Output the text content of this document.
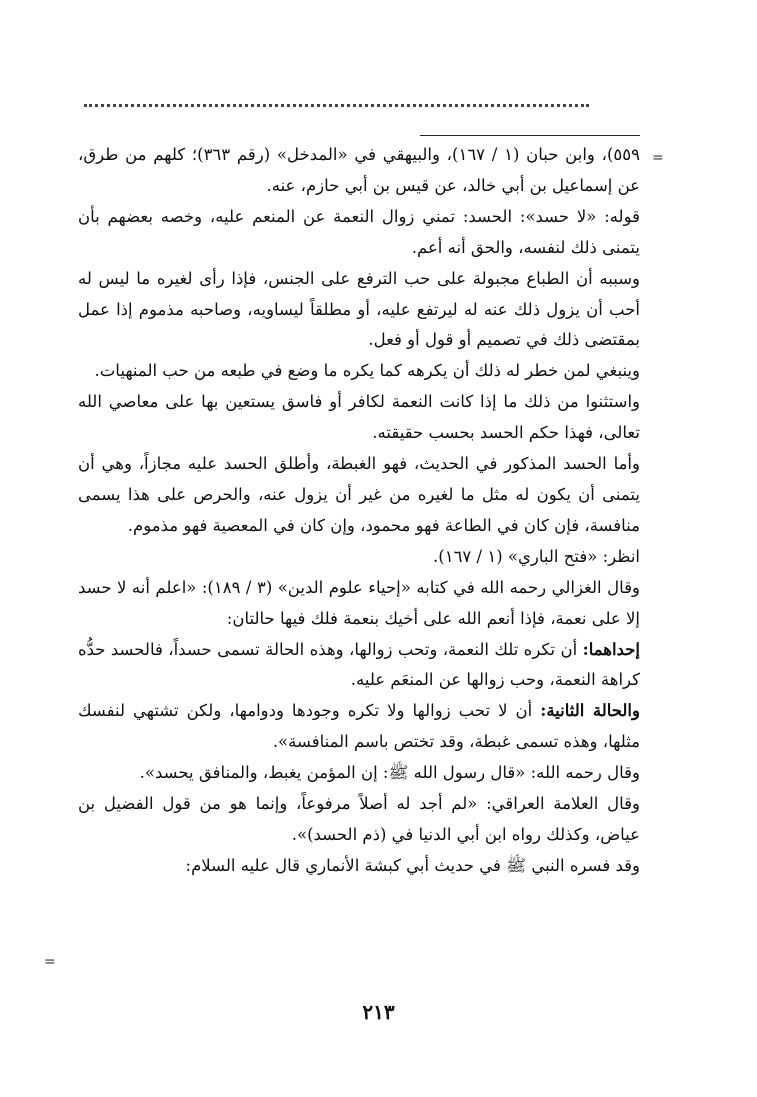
=
=

٥٥٩)، وابن حبان (١ / ١٦٧)، والبيهقي في «المدخل» (رقم ٣٦٣)؛ كلهم من طرق، عن إسماعيل بن أبي خالد، عن قيس بن أبي حازم، عنه.

قوله: «لا حسد»: الحسد: تمني زوال النعمة عن المنعم عليه، وخصه بعضهم بأن يتمنى ذلك لنفسه، والحق أنه أعم.

وسببه أن الطباع مجبولة على حب الترفع على الجنس، فإذا رأى لغيره ما ليس له أحب أن يزول ذلك عنه له ليرتفع عليه، أو مطلقاً ليساويه، وصاحبه مذموم إذا عمل بمقتضى ذلك في تصميم أو قول أو فعل.

وينبغي لمن خطر له ذلك أن يكرهه كما يكره ما وضع في طبعه من حب المنهيات.

واستثنوا من ذلك ما إذا كانت النعمة لكافر أو فاسق يستعين بها على معاصي الله تعالى، فهذا حكم الحسد بحسب حقيقته.

وأما الحسد المذكور في الحديث، فهو الغبطة، وأطلق الحسد عليه مجازاً، وهي أن يتمنى أن يكون له مثل ما لغيره من غير أن يزول عنه، والحرص على هذا يسمى منافسة، فإن كان في الطاعة فهو محمود، وإن كان في المعصية فهو مذموم.

انظر: «فتح الباري» (١ / ١٦٧).

وقال الغزالي رحمه الله في كتابه «إحياء علوم الدين» (٣ / ١٨٩): «اعلم أنه لا حسد إلا على نعمة، فإذا أنعم الله على أخيك بنعمة فلك فيها حالتان:

إحداهما: أن تكره تلك النعمة، وتحب زوالها، وهذه الحالة تسمى حسداً، فالحسد حدُّه كراهة النعمة، وحب زوالها عن المنعَم عليه.

والحالة الثانية: أن لا تحب زوالها ولا تكره وجودها ودوامها، ولكن تشتهي لنفسك مثلها، وهذه تسمى غبطة، وقد تختص باسم المنافسة».

وقال رحمه الله: «قال رسول الله ﷺ: إن المؤمن يغبط، والمنافق يحسد».

وقال العلامة العراقي: «لم أجد له أصلاً مرفوعاً، وإنما هو من قول الفضيل بن عياض، وكذلك رواه ابن أبي الدنيا في (ذم الحسد)».

وقد فسره النبي ﷺ في حديث أبي كبشة الأنماري قال عليه السلام:

٢١٣
